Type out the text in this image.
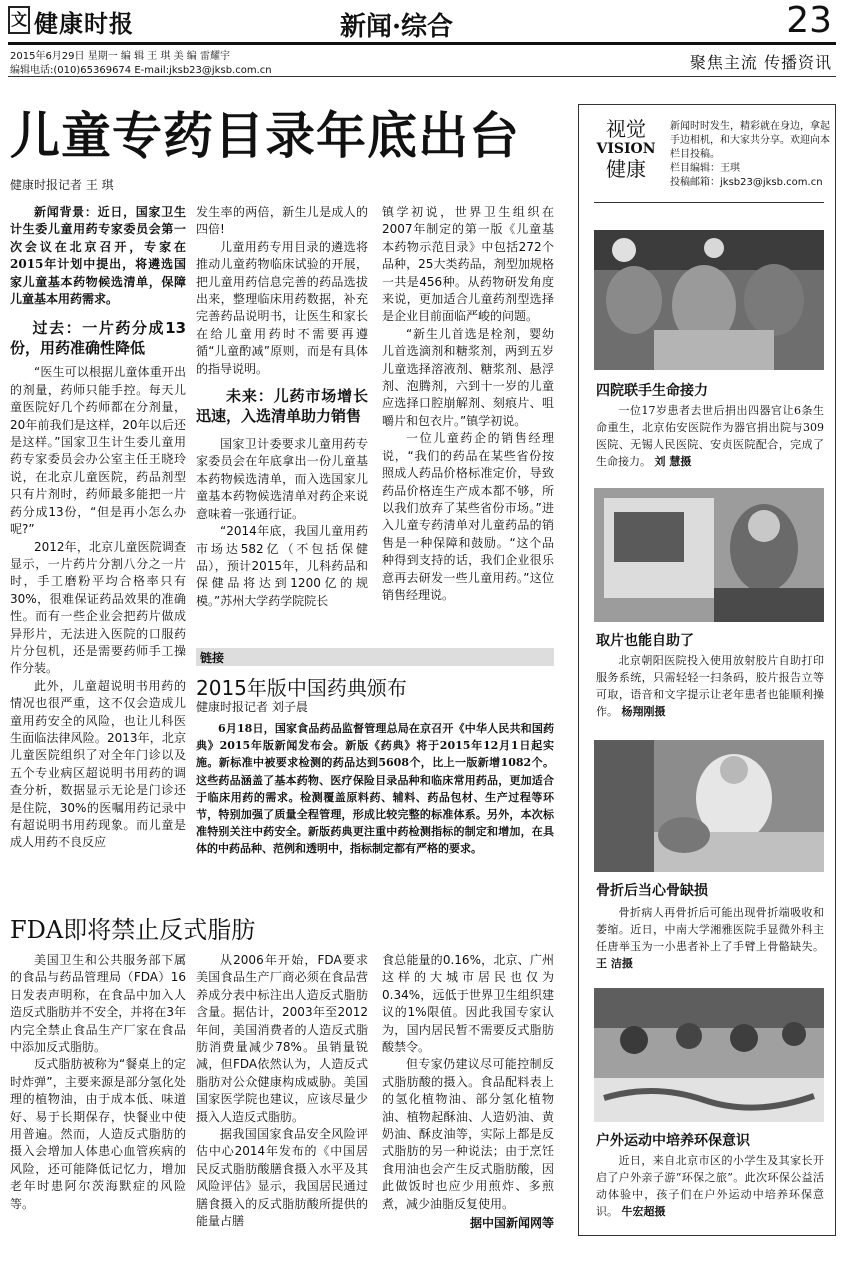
文 健康时报	新闻·综合	23
2015年6月29日 星期一 编 辑 王 琪 美 编 雷耀宇
编辑电话:(010)65369674 E-mail:jksb23@jksb.com.cn	聚焦主流 传播资讯
儿童专药目录年底出台
健康时报记者 王 琪

新闻背景：近日，国家卫生计生委儿童用药专家委员会第一次会议在北京召开，专家在2015年计划中提出，将遴选国家儿童基本药物候选清单，保障儿童基本用药需求。

过去：一片药分成13份，用药准确性降低

“医生可以根据儿童体重开出的剂量，药师只能手控。每天儿童医院好几个药师都在分剂量，20年前我们是这样，20年以后还是这样。”国家卫生计生委儿童用药专家委员会办公室主任王晓玲说，在北京儿童医院，药品剂型只有片剂时，药师最多能把一片药分成13份，“但是再小怎么办呢?”

2012年，北京儿童医院调查显示，一片药片分割八分之一片时，手工磨粉平均合格率只有30%，很难保证药品效果的准确性。而有一些企业会把药片做成异形片，无法进入医院的口服药片分包机，还是需要药师手工操作分装。

此外，儿童超说明书用药的情况也很严重，这不仅会造成儿童用药安全的风险，也让儿科医生面临法律风险。2013年，北京儿童医院组织了对全年门诊以及五个专业病区超说明书用药的调查分析，数据显示无论是门诊还是住院，30%的医嘱用药记录中有超说明书用药现象。而儿童是成人用药不良反应

发生率的两倍，新生儿是成人的四倍!

儿童用药专用目录的遴选将推动儿童药物临床试验的开展，把儿童用药信息完善的药品选拔出来，整理临床用药数据，补充完善药品说明书，让医生和家长在给儿童用药时不需要再遵循“儿童酌减”原则，而是有具体的指导说明。

未来：儿药市场增长迅速，入选清单助力销售

国家卫计委要求儿童用药专家委员会在年底拿出一份儿童基本药物候选清单，而入选国家儿童基本药物候选清单对药企来说意味着一张通行证。

“2014年底，我国儿童用药市场达582亿（不包括保健品），预计2015年，儿科药品和保健品将达到1200亿的规模。”苏州大学药学院院长

镇学初说，世界卫生组织在2007年制定的第一版《儿童基本药物示范目录》中包括272个品种，25大类药品，剂型加规格一共是456种。从药物研发角度来说，更加适合儿童药剂型选择是企业目前面临严峻的问题。

“新生儿首选是栓剂，婴幼儿首选滴剂和糖浆剂，两到五岁儿童选择溶液剂、糖浆剂、悬浮剂、泡腾剂，六到十一岁的儿童应选择口腔崩解剂、刻痕片、咀嚼片和包衣片。”镇学初说。

一位儿童药企的销售经理说，“我们的药品在某些省份按照成人药品价格标准定价，导致药品价格连生产成本都不够，所以我们放弃了某些省份市场。”进入儿童专药清单对儿童药品的销售是一种保障和鼓励。“这个品种得到支持的话，我们企业很乐意再去研发一些儿童用药。”这位销售经理说。

链接
2015年版中国药典颁布
健康时报记者 刘子晨

6月18日，国家食品药品监督管理总局在京召开《中华人民共和国药典》2015年版新闻发布会。新版《药典》将于2015年12月1日起实施。新标准中被要求检测的药品达到5608个，比上一版新增1082个。这些药品涵盖了基本药物、医疗保险目录品种和临床常用药品，更加适合于临床用药的需求。检测覆盖原料药、辅料、药品包材、生产过程等环节，特别加强了质量全程管理，形成比较完整的标准体系。另外，本次标准特别关注中药安全。新版药典更注重中药检测指标的制定和增加，在具体的中药品种、范例和透明中，指标制定都有严格的要求。

FDA即将禁止反式脂肪

美国卫生和公共服务部下属的食品与药品管理局（FDA）16日发表声明称，在食品中加入人造反式脂肪并不安全，并将在3年内完全禁止食品生产厂家在食品中添加反式脂肪。

反式脂肪被称为“餐桌上的定时炸弹”，主要来源是部分氢化处理的植物油，由于成本低、味道好、易于长期保存，快餐业中使用普遍。然而，人造反式脂肪的摄入会增加人体患心血管疾病的风险，还可能降低记忆力，增加老年时患阿尔茨海默症的风险等。

从2006年开始，FDA要求美国食品生产厂商必须在食品营养成分表中标注出人造反式脂肪含量。据估计，2003年至2012年间，美国消费者的人造反式脂肪消费量减少78%。虽销量锐减，但FDA依然认为，人造反式脂肪对公众健康构成威胁。美国国家医学院也建议，应该尽量少摄入人造反式脂肪。

据我国国家食品安全风险评估中心2014年发布的《中国居民反式脂肪酸膳食摄入水平及其风险评估》显示，我国居民通过膳食摄入的反式脂肪酸所提供的能量占膳

食总能量的0.16%，北京、广州这样的大城市居民也仅为0.34%，远低于世界卫生组织建议的1%限值。因此我国专家认为，国内居民暂不需要反式脂肪酸禁令。

但专家仍建议尽可能控制反式脂肪酸的摄入。食品配料表上的氢化植物油、部分氢化植物油、植物起酥油、人造奶油、黄奶油、酥皮油等，实际上都是反式脂肪的另一种说法；由于烹饪食用油也会产生反式脂肪酸，因此做饭时也应少用煎炸、多煎煮，减少油脂反复使用。

据中国新闻网等
视觉
VISION
健康
新闻时时发生，精彩就在身边，拿起手边相机，和大家共分享。欢迎向本栏目投稿。
栏目编辑：王琪
投稿邮箱：jksb23@jksb.com.cn
四院联手生命接力
一位17岁患者去世后捐出四器官让6条生命重生，北京佑安医院作为器官捐出院与309医院、无锡人民医院、安贞医院配合，完成了生命接力。 刘 慧摄
取片也能自助了
北京朝阳医院投入使用放射胶片自助打印服务系统，只需轻轻一扫条码，胶片报告立等可取，语音和文字提示让老年患者也能顺利操作。 杨翔刚摄
骨折后当心骨缺损
骨折病人再骨折后可能出现骨折端吸收和萎缩。近日，中南大学湘雅医院手显微外科主任唐举玉为一小患者补上了手臂上骨骼缺失。 王 洁摄
户外运动中培养环保意识
近日，来自北京市区的小学生及其家长开启了户外亲子游“环保之旅”。此次环保公益活动体验中，孩子们在户外运动中培养环保意识。 牛宏超摄
